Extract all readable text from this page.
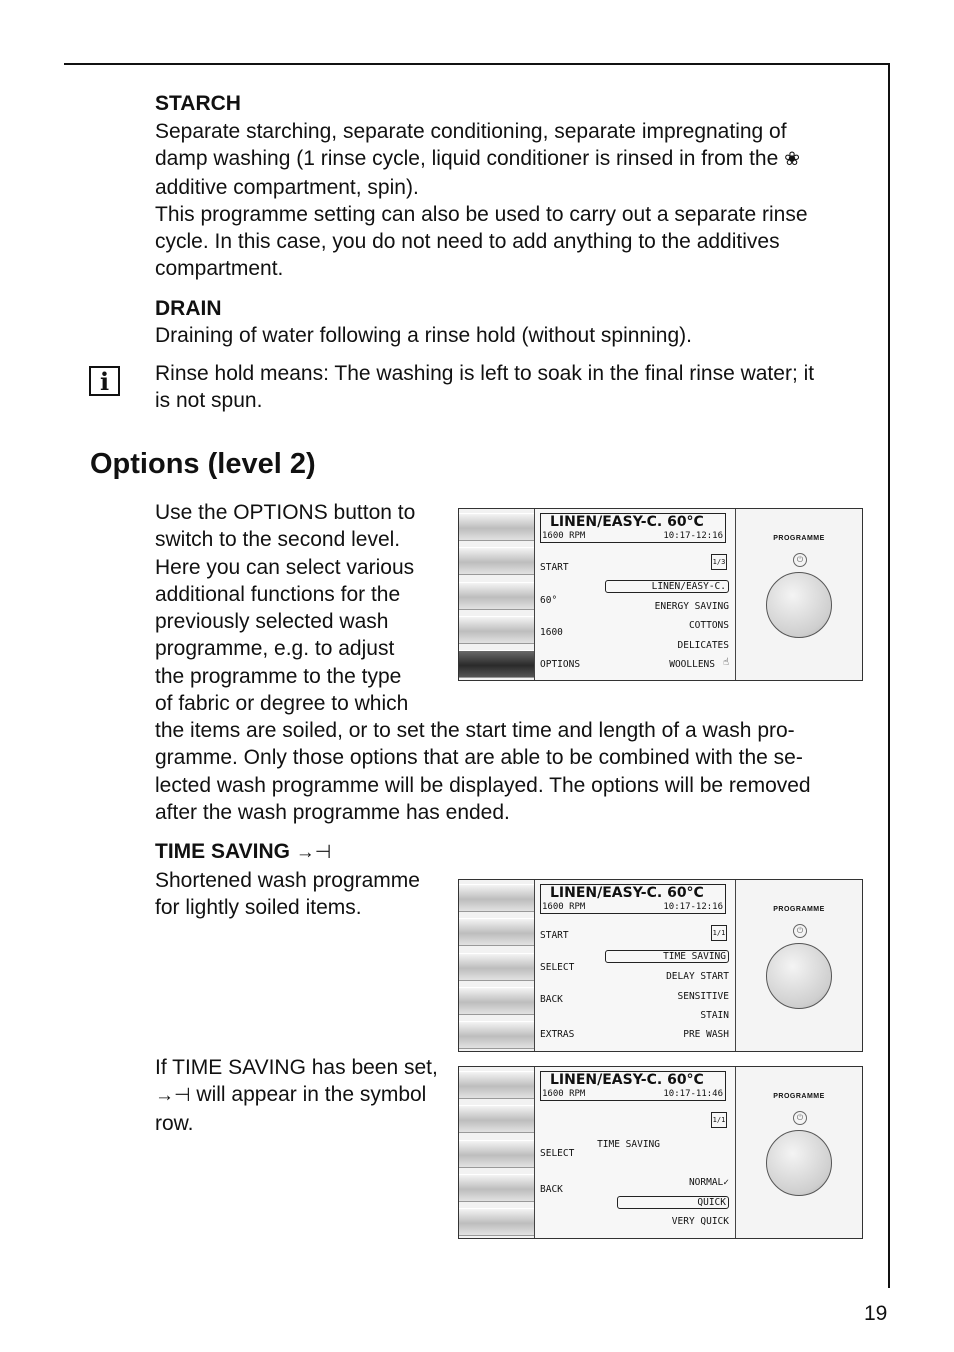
STARCH

Separate starching, separate conditioning, separate impregnating of
damp washing (1 rinse cycle, liquid conditioner is rinsed in from the ❀
additive compartment, spin).
This programme setting can also be used to carry out a separate rinse
cycle. In this case, you do not need to add anything to the additives
compartment.

DRAIN

Draining of water following a rinse hold (without spinning).

i Rinse hold means: The washing is left to soak in the final rinse water; it
is not spun.

Options (level 2)

Use the OPTIONS button to
switch to the second level.
Here you can select various
additional functions for the
previously selected wash
programme, e.g. to adjust
the programme to the type
of fabric or degree to which

the items are soiled, or to set the start time and length of a wash pro-
gramme. Only those options that are able to be combined with the se-
lected wash programme will be displayed. The options will be removed
after the wash programme has ended.

TIME SAVING →⊣

Shortened wash programme
for lightly soiled items.

If TIME SAVING has been set,
→⊣ will appear in the symbol
row.

LINEN/EASY-C. 60°C
1600 RPM	10:17-12:16
1/3
START
60°
1600
OPTIONS
LINEN/EASY-C.
ENERGY SAVING
COTTONS
DELICATES
WOOLLENS ☝
PROGRAMME
⏻
LINEN/EASY-C. 60°C
1600 RPM	10:17-12:16
1/1
START
SELECT
BACK
EXTRAS
TIME SAVING
DELAY START
SENSITIVE
STAIN
PRE WASH
PROGRAMME
⏻
LINEN/EASY-C. 60°C
1600 RPM	10:17-11:46
1/1
TIME SAVING
SELECT
BACK
NORMAL✓
QUICK
VERY QUICK
PROGRAMME
⏻
19
